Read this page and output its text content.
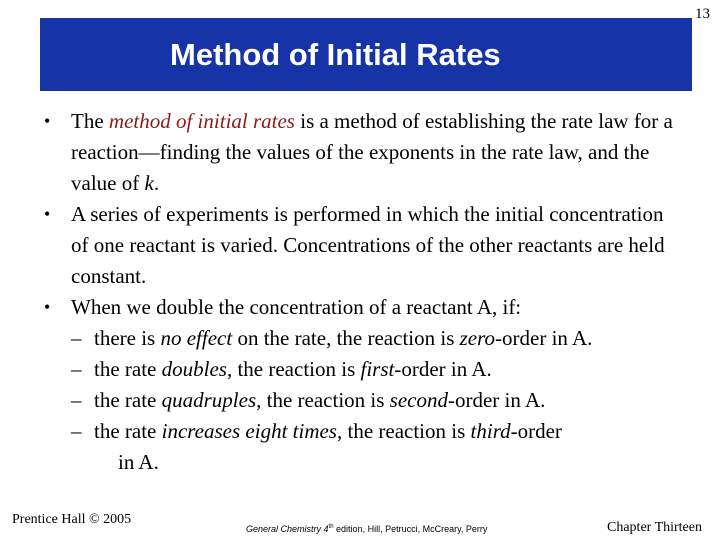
13
Method of Initial Rates
• The method of initial rates is a method of establishing the rate law for a reaction—finding the values of the exponents in the rate law, and the value of k.
• A series of experiments is performed in which the initial concentration of one reactant is varied. Concentrations of the other reactants are held constant.
• When we double the concentration of a reactant A, if:
– there is no effect on the rate, the reaction is zero-order in A.
– the rate doubles, the reaction is first-order in A.
– the rate quadruples, the reaction is second-order in A.
– the rate increases eight times, the reaction is third-order
in A.
Prentice Hall © 2005
General Chemistry 4th edition, Hill, Petrucci, McCreary, Perry	Chapter Thirteen
